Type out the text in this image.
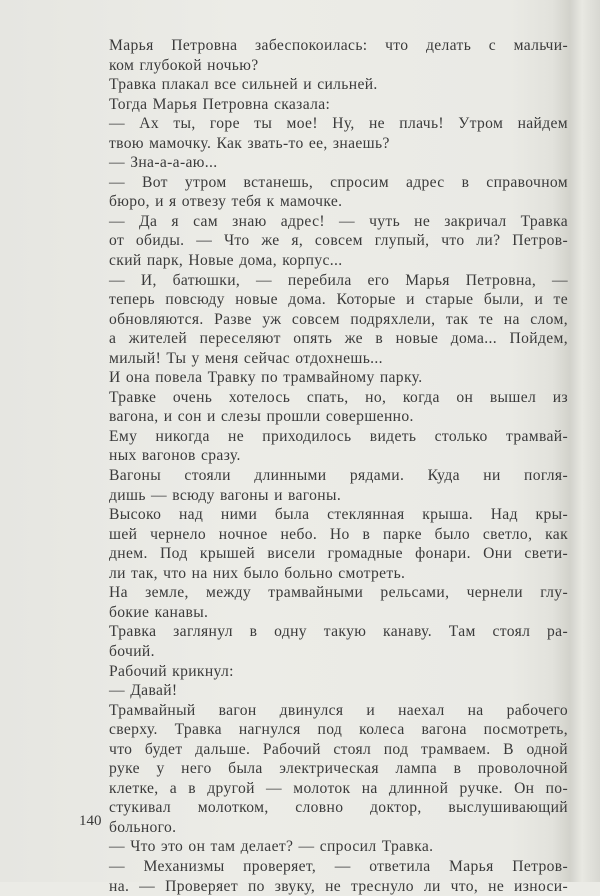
Марья Петровна забеспокоилась: что делать с мальчи-
ком глубокой ночью?

Травка плакал все сильней и сильней.

Тогда Марья Петровна сказала:

— Ах ты, горе ты мое! Ну, не плачь! Утром найдем
твою мамочку. Как звать-то ее, знаешь?

— Зна-а-а-аю...

— Вот утром встанешь, спросим адрес в справочном
бюро, и я отвезу тебя к мамочке.

— Да я сам знаю адрес! — чуть не закричал Травка
от обиды. — Что же я, совсем глупый, что ли? Петров-
ский парк, Новые дома, корпус...

— И, батюшки, — перебила его Марья Петровна, —
теперь повсюду новые дома. Которые и старые были, и те
обновляются. Разве уж совсем подряхлели, так те на слом,
а жителей переселяют опять же в новые дома... Пойдем,
милый! Ты у меня сейчас отдохнешь...

И она повела Травку по трамвайному парку.

Травке очень хотелось спать, но, когда он вышел из
вагона, и сон и слезы прошли совершенно.

Ему никогда не приходилось видеть столько трамвай-
ных вагонов сразу.

Вагоны стояли длинными рядами. Куда ни погля-
дишь — всюду вагоны и вагоны.

Высоко над ними была стеклянная крыша. Над кры-
шей чернело ночное небо. Но в парке было светло, как
днем. Под крышей висели громадные фонари. Они свети-
ли так, что на них было больно смотреть.

На земле, между трамвайными рельсами, чернели глу-
бокие канавы.

Травка заглянул в одну такую канаву. Там стоял ра-
бочий.

Рабочий крикнул:

— Давай!

Трамвайный вагон двинулся и наехал на рабочего
сверху. Травка нагнулся под колеса вагона посмотреть,
что будет дальше. Рабочий стоял под трамваем. В одной
руке у него была электрическая лампа в проволочной
клетке, а в другой — молоток на длинной ручке. Он по-
стукивал молотком, словно доктор, выслушивающий
больного.

— Что это он там делает? — спросил Травка.

— Механизмы проверяет, — ответила Марья Петров-
на. — Проверяет по звуку, не треснуло ли что, не износи-

140
